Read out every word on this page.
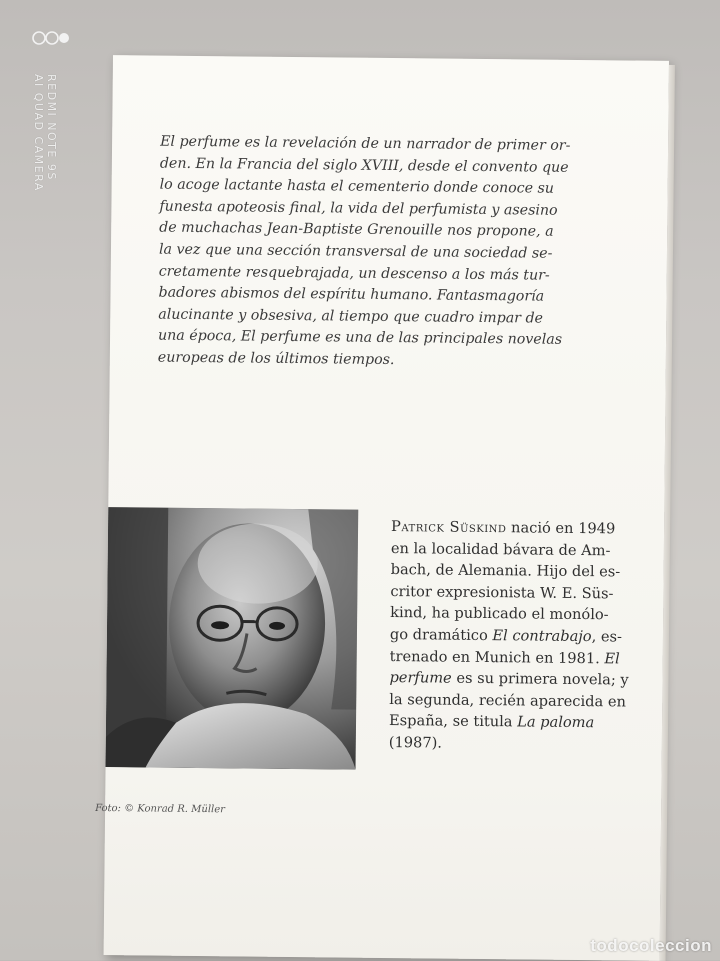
REDMI NOTE 9S
AI QUAD CAMERA	El perfume es la revelación de un narrador de primer or-
den. En la Francia del siglo XVIII, desde el convento que
lo acoge lactante hasta el cementerio donde conoce su
funesta apoteosis final, la vida del perfumista y asesino
de muchachas Jean-Baptiste Grenouille nos propone, a
la vez que una sección transversal de una sociedad se-
cretamente resquebrajada, un descenso a los más tur-
badores abismos del espíritu humano. Fantasmagoría
alucinante y obsesiva, al tiempo que cuadro impar de
una época, El perfume es una de las principales novelas
europeas de los últimos tiempos.

Patrick Süskind nació en 1949
en la localidad bávara de Am-
bach, de Alemania. Hijo del es-
critor expresionista W. E. Süs-
kind, ha publicado el monólo-
go dramático El contrabajo, es-
trenado en Munich en 1981. El
perfume es su primera novela; y
la segunda, recién aparecida en
España, se titula La paloma
(1987).
Foto: © Konrad R. Müller
todocoleccion
